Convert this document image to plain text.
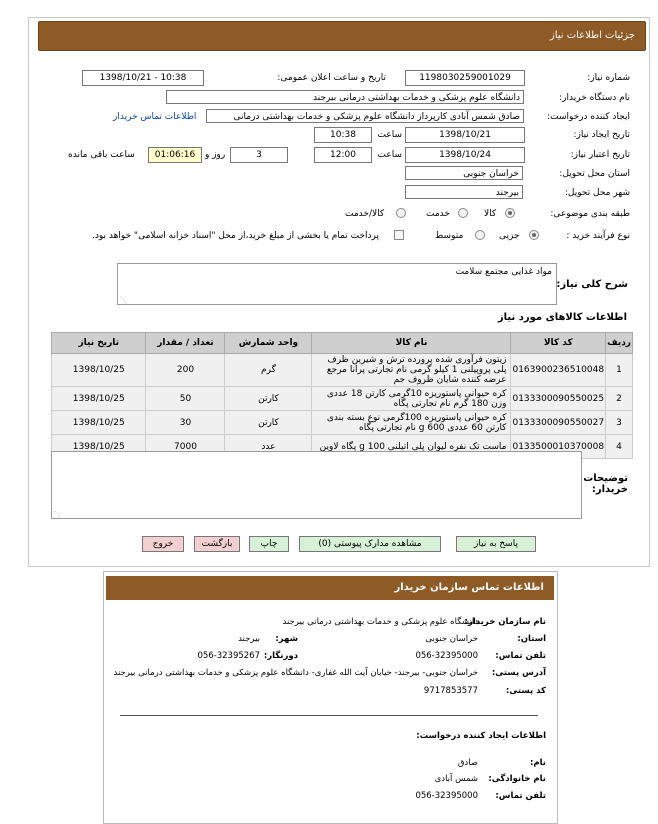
جزئیات اطلاعات نیاز
شماره نیاز:
1198030259001029
تاریخ و ساعت اعلان عمومی:
1398/10/21 - 10:38
نام دستگاه خریدار:
دانشگاه علوم پزشکی و خدمات بهداشتی درمانی بیرجند
ایجاد کننده درخواست:
صادق شمس آبادی کارپرداز دانشگاه علوم پزشکی و خدمات بهداشتی درمانی
اطلاعات تماس خریدار
تاریخ ایجاد نیاز:
1398/10/21
ساعت
10:38
تاریخ اعتبار نیاز:
1398/10/24
ساعت
12:00
3
روز و
01:06:16
ساعت باقی مانده
استان محل تحویل:
خراسان جنوبی
شهر محل تحویل:
بیرجند
طبقه بندی موضوعی:
کالا
خدمت
کالا/خدمت
نوع فرآیند خرید :
جزیی
متوسط
پرداخت تمام یا بخشی از مبلغ خرید،از محل "اسناد خزانه اسلامی" خواهد بود.
مواد غذایی مجتمع سلامت
⋰
شرح کلی نیاز:
اطلاعات کالاهای مورد نیاز
ردیف	کد کالا	نام کالا	واحد شمارش	تعداد / مقدار	تاریخ نیاز
1	0163900236510048	زیتون فرآوری شده پرورده ترش و شیرین ظرف پلی پروپیلنی 1 کیلو گرمی نام تجارتی پرانا مرجع عرضه کننده شایان ظروف جم	گرم	200	1398/10/25
2	0133300090550025	کره حیوانی پاستوریزه 10گرمی کارتن 18 عددی وزن 180 گرم نام تجارتی پگاه	کارتن	50	1398/10/25
3	0133300090550027	کره حیوانی پاستوریزه 100گرمی نوع بسته بندی کارتن 60 عددی 600 g نام تجارتی پگاه	کارتن	30	1398/10/25
4	0133500010370008	ماست تک نفره لیوان پلی اتیلنی 100 g پگاه لاوین	عدد	7000	1398/10/25
⋰
توضیحات خریدار:
پاسخ به نیاز
مشاهده مدارک پیوستی (0)
چاپ
بازگشت
خروج
اطلاعات تماس سازمان خریدار
نام سازمان خریدار:
دانشگاه علوم پزشکی و خدمات بهداشتی درمانی بیرجند
استان:
خراسان جنوبی
شهر:
بیرجند
تلفن تماس:
056-32395000
دورنگار:
056-32395267
آدرس پستی:
خراسان جنوبی- بیرجند- خیابان آیت الله غفاری- دانشگاه علوم پزشکی و خدمات بهداشتی درمانی بیرجند
کد پستی:
9717853577
اطلاعات ایجاد کننده درخواست:
نام:
صادق
نام خانوادگی:
شمس آبادی
تلفن تماس:
056-32395000
